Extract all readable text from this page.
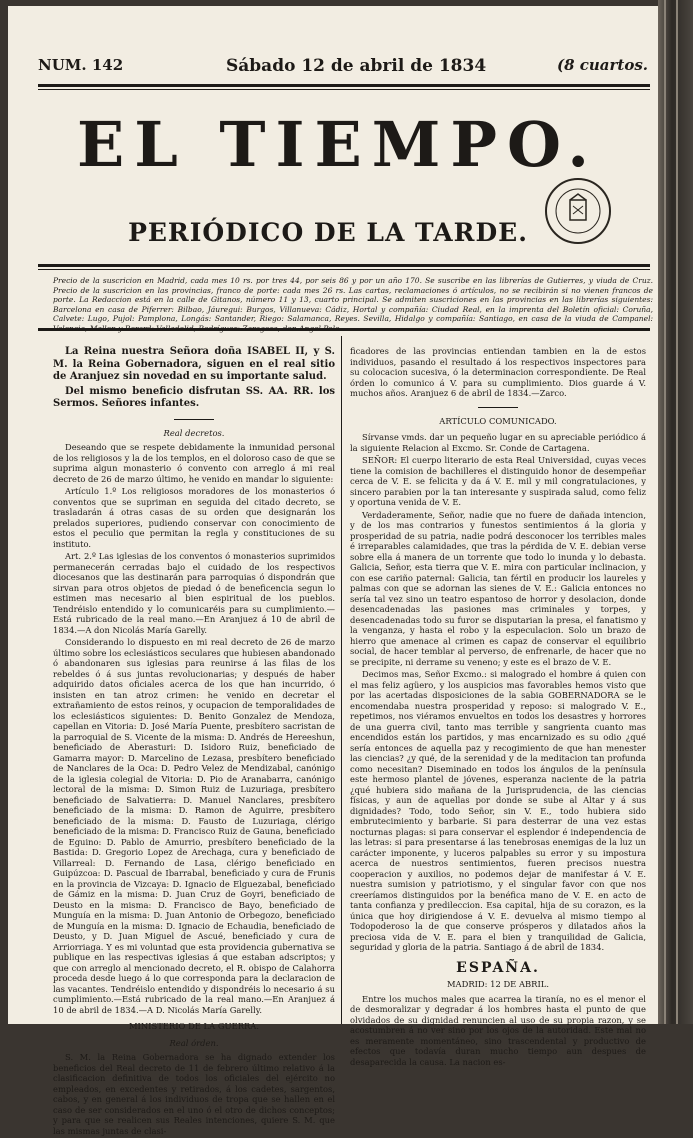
NUM. 142	Sábado 12 de abril de 1834	(8 cuartos.
EL TIEMPO.
PERIÓDICO DE LA TARDE.
Precio de la suscricion en Madrid, cada mes 10 rs. por tres 44, por seis 86 y por un año 170. Se suscribe en las librerías de Gutierres, y viuda de Cruz. Precio de la suscricion en las provincias, franco de porte: cada mes 26 rs. Las cartas, reclamaciones ó artículos, no se recibirán si no vienen francos de porte. La Redaccion está en la calle de Gitanos, número 11 y 13, cuarto principal. Se admiten suscriciones en las provincias en las librerías siguientes: Barcelona en casa de Piferrer: Bilbao, Jáuregui: Burgos, Villanueva: Cádiz, Hortal y compañía: Ciudad Real, en la imprenta del Boletín oficial: Coruña, Calvete: Lugo, Pujol: Pamplona, Longás: Santander, Riego: Salamanca, Reyes. Sevilla, Hidalgo y compañía: Santiago, en casa de la viuda de Campanel:

La Reina nuestra Señora doña ISABEL II, y S. M. la Reina Gobernadora, siguen en el real sitio de Aranjuez sin novedad en su importante salud.

Del mismo beneficio disfrutan SS. AA. RR. los Sermos. Señores infantes.

Real decretos.

Deseando que se respete debidamente la inmunidad personal de los religiosos y la de los templos, en el doloroso caso de que se suprima algun monasterio ó convento con arreglo á mi real decreto de 26 de marzo último, he venido en mandar lo siguiente:

Artículo 1.º Los religiosos moradores de los monasterios ó conventos que se supriman en seguida del citado decreto, se trasladarán á otras casas de su orden que designarán los prelados superiores, pudiendo conservar con conocimiento de estos el peculio que permitan la regla y constituciones de su instituto.

Art. 2.º Las iglesias de los conventos ó monasterios suprimidos permanecerán cerradas bajo el cuidado de los respectivos diocesanos que las destinarán para parroquias ó dispondrán que sirvan para otros objetos de piedad ó de beneficencia segun lo estimen mas necesario al bien espiritual de los pueblos. Tendréislo entendido y lo comunicaréis para su cumplimiento.—Está rubricado de la real mano.—En Aranjuez á 10 de abril de 1834.—A don Nicolás María Garelly.

Considerando lo dispuesto en mi real decreto de 26 de marzo último sobre los eclesiásticos seculares que hubiesen abandonado ó abandonaren sus iglesias para reunirse á las filas de los rebeldes ó á sus juntas revolucionarias; y después de haber adquirido datos oficiales acerca de los que han incurrido, ó insisten en tan atroz crimen: he venido en decretar el extrañamiento de estos reinos, y ocupacion de temporalidades de los eclesiásticos siguientes: D. Benito Gonzalez de Mendoza, capellan en Vitoria: D. José María Puente, presbítero sacristan de la parroquial de S. Vicente de la misma: D. Andrés de Hereeshun, beneficiado de Aberasturi: D. Isidoro Ruiz, beneficiado de Gamarra mayor: D. Marcelino de Lezasa, presbítero beneficiado de Nanclares de la Oca: D. Pedro Velez de Mendizabal, canónigo de la iglesia colegial de Vitoria: D. Pio de Aranabarra, canónigo lectoral de la misma: D. Simon Ruiz de Luzuriaga, presbítero beneficiado de Salvatierra: D. Manuel Nanclares, presbítero beneficiado de la misma: D. Ramon de Aguirre, presbítero beneficiado de la misma: D. Fausto de Luzuriaga, clérigo beneficiado de la misma: D. Francisco Ruiz de Gauna, beneficiado de Eguino: D. Pablo de Amurrio, presbítero beneficiado de la Bastida: D. Gregorio Lopez de Arechaga, cura y beneficiado de Villarreal: D. Fernando de Lasa, clérigo beneficiado en Guipúzcoa: D. Pascual de Ibarrabal, beneficiado y cura de Frunis en la provincia de Vizcaya: D. Ignacio de Elguezabal, beneficiado de Gámiz en la misma: D. Juan Cruz de Goyri, beneficiado de Deusto en la misma: D. Francisco de Bayo, beneficiado de Munguía en la misma: D. Juan Antonio de Orbegozo, beneficiado de Munguía en la misma: D. Ignacio de Echaudia, beneficiado de Deusto, y D. Juan Miguel de Ascué, beneficiado y cura de Arriorriaga. Y es mi voluntad que esta providencia gubernativa se publique en las respectivas iglesias á que estaban adscriptos; y que con arreglo al mencionado decreto, el R. obispo de Calahorra proceda desde luego á lo que corresponda para la declaracion de las vacantes. Tendréislo entendido y dispondréis lo necesario á su cumplimiento.—Está rubricado de la real mano.—En Aranjuez á 10 de abril de 1834.—A D. Nicolás María Garelly.

MINISTERIO DE LA GUERRA.

Real órden.

S. M. la Reina Gobernadora se ha dignado extender los beneficios del Real decreto de 11 de febrero último relativo á la clasificacion definitiva de todos los oficiales del ejército no empleados, en excedentes y retirados, á los cadetes, sargentos, cabos, y en general á los individuos de tropa que se hallen en el caso de ser considerados en el uno ó el otro de dichos conceptos; y para que se realicen sus Reales intenciones, quiere S. M. que las mismas juntas de clasi-

ficadores de las provincias entiendan tambien en la de estos individuos, pasando el resultado á los respectivos inspectores para su colocacion sucesiva, ó la determinacion correspondiente. De Real órden lo comunico á V. para su cumplimiento. Dios guarde á V. muchos años. Aranjuez 6 de abril de 1834.—Zarco.

ARTÍCULO COMUNICADO.

Sírvanse vmds. dar un pequeño lugar en su apreciable periódico á la siguiente Relacion al Excmo. Sr. Conde de Cartagena.

SEÑOR: El cuerpo literario de esta Real Universidad, cuyas veces tiene la comision de bachilleres el distinguido honor de desempeñar cerca de V. E. se felicita y da á V. E. mil y mil congratulaciones, y sincero parabien por la tan interesante y suspirada salud, como feliz y oportuna venida de V. E.

Verdaderamente, Señor, nadie que no fuere de dañada intencion, y de los mas contrarios y funestos sentimientos á la gloria y prosperidad de su patria, nadie podrá desconocer los terribles males é irreparables calamidades, que tras la pérdida de V. E. debian verse sobre ella á manera de un torrente que todo lo inunda y lo debasta. Galicia, Señor, esta tierra que V. E. mira con particular inclinacion, y con ese cariño paternal: Galicia, tan fértil en producir los laureles y palmas con que se adornan las sienes de V. E.: Galicia entonces no sería tal vez sino un teatro espantoso de horror y desolacion, donde desencadenadas las pasiones mas criminales y torpes, y desencadenadas todo su furor se disputarian la presa, el fanatismo y la venganza, y hasta el robo y la especulacion. Solo un brazo de hierro que amenace al crimen es capaz de conservar el equilibrio social, de hacer temblar al perverso, de enfrenarle, de hacer que no se precipite, ni derrame su veneno; y este es el brazo de V. E.

Decimos mas, Señor Excmo.: si malogrado el hombre á quien con el mas feliz agüero, y los auspicios mas favorables hemos visto que por las acertadas disposiciones de la sabia GOBERNADORA se le encomendaba nuestra prosperidad y reposo: si malogrado V. E., repetimos, nos viéramos envueltos en todos los desastres y horrores de una guerra civil, tanto mas terrible y sangrienta cuanto mas encendidos están los partidos, y mas encarnizado es su odio ¿qué sería entonces de aquella paz y recogimiento de que han menester las ciencias? ¿y qué, de la serenidad y de la meditacion tan profunda como necesitan? Diseminado en todos los ángulos de la península este hermoso plantel de jóvenes, esperanza naciente de la patria ¿qué hubiera sido mañana de la Jurisprudencia, de las ciencias físicas, y aun de aquellas por donde se sube al Altar y á sus dignidades? Todo, todo Señor, sin V. E., todo hubiera sido embrutecimiento y barbarie. Si para desterrar de una vez estas nocturnas plagas: si para conservar el esplendor é independencia de las letras: si para presentarse á las tenebrosas enemigas de la luz un carácter imponente, y luceros palpables su error y su impostura acerca de nuestros sentimientos, fueren precisos nuestra cooperacion y auxilios, no podemos dejar de manifestar á V. E. nuestra sumision y patriotismo, y el singular favor con que nos creeríamos distinguidos por la benéfica mano de V. E. en acto de tanta confianza y predileccion. Esa capital, hija de su corazon, es la única que hoy dirigiendose á V. E. devuelva al mismo tiempo al Todopoderoso la de que conserve prósperos y dilatados años la preciosa vida de V. E. para el bien y tranquilidad de Galicia, seguridad y gloria de la patria. Santiago á de abril de 1834.

ESPAÑA.

MADRID: 12 DE ABRIL.

Entre los muchos males que acarrea la tiranía, no es el menor el de desmoralizar y degradar á los hombres hasta el punto de que olvidados de su dignidad renuncien al uso de su propia razon, y se acostumbren á no ver sino por los ojos de la autoridad. Este mal no es meramente momentáneo, sino trascendental y productivo de efectos que todavía duran mucho tiempo aun despues de desaparecida la causa. La nacion es-
